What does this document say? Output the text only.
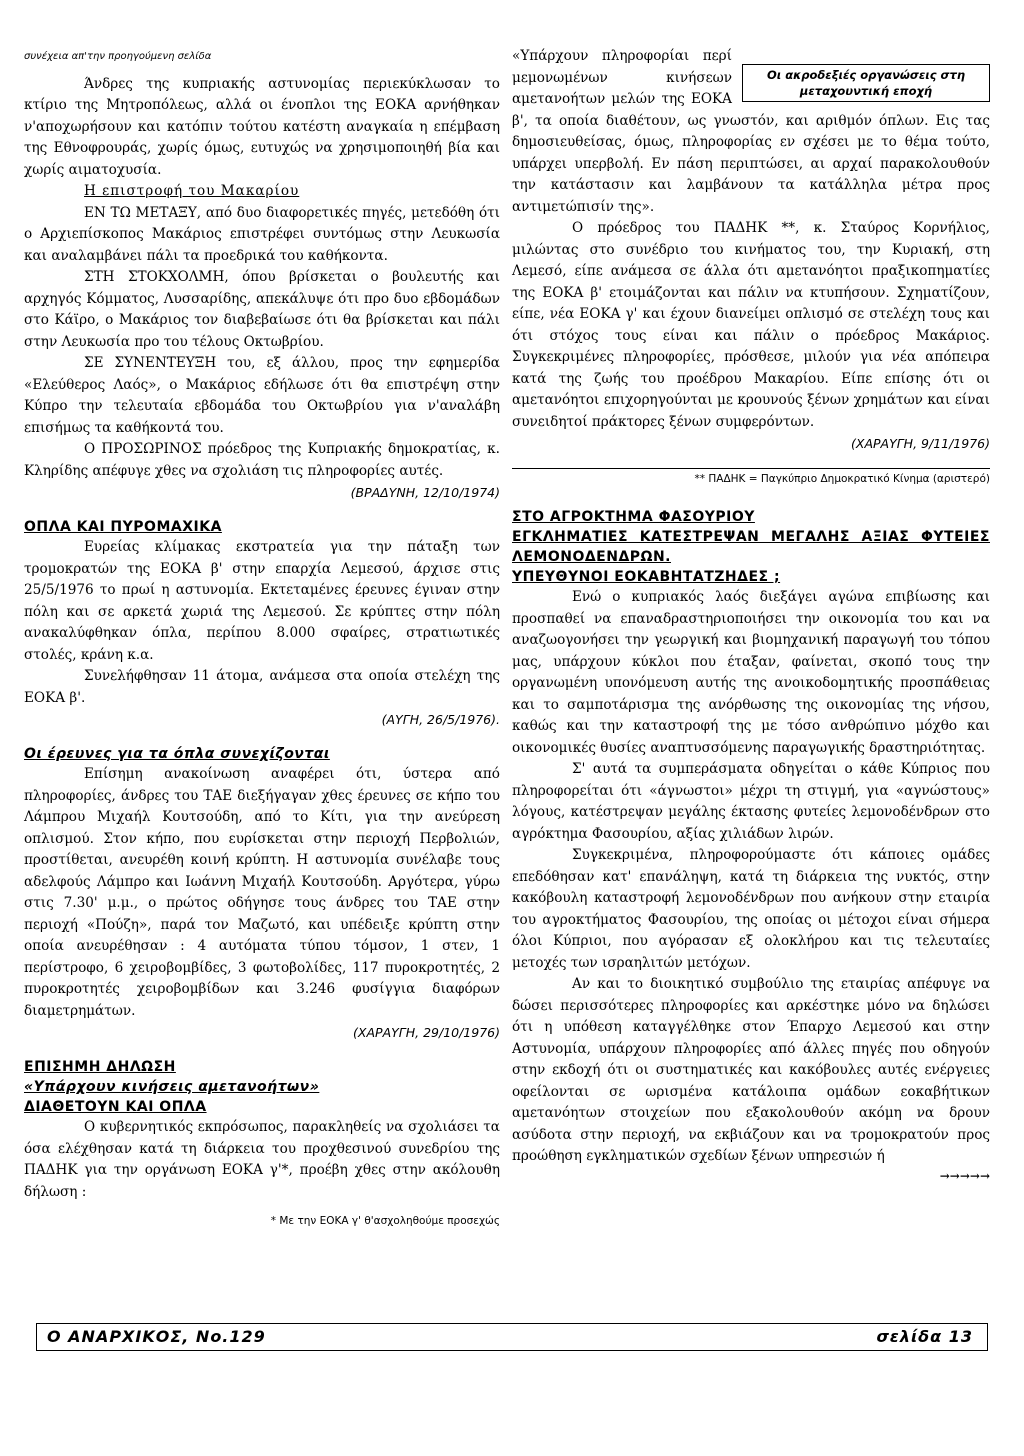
συνέχεια απ'την προηγούμενη σελίδα

Άνδρες της κυπριακής αστυνομίας περιεκύκλωσαν το κτίριο της Μητροπόλεως, αλλά οι ένοπλοι της ΕΟΚΑ αρνήθηκαν ν'αποχωρήσουν και κατόπιν τούτου κατέστη αναγκαία η επέμβαση της Εθνοφρουράς, χωρίς όμως, ευτυχώς να χρησιμοποιηθή βία και χωρίς αιματοχυσία.

Η επιστροφή του Μακαρίου

ΕΝ ΤΩ ΜΕΤΑΞΥ, από δυο διαφορετικές πηγές, μετεδόθη ότι ο Αρχιεπίσκοπος Μακάριος επιστρέφει συντόμως στην Λευκωσία και αναλαμβάνει πάλι τα προεδρικά του καθήκοντα.

ΣΤΗ ΣΤΟΚΧΟΛΜΗ, όπου βρίσκεται ο βουλευτής και αρχηγός Κόμματος, Λυσσαρίδης, απεκάλυψε ότι προ δυο εβδομάδων στο Κάϊρο, ο Μακάριος τον διαβεβαίωσε ότι θα βρίσκεται και πάλι στην Λευκωσία προ του τέλους Οκτωβρίου.

ΣΕ ΣΥΝΕΝΤΕΥΞΗ του, εξ άλλου, προς την εφημερίδα «Ελεύθερος Λαός», ο Μακάριος εδήλωσε ότι θα επιστρέψη στην Κύπρο την τελευταία εβδομάδα του Οκτωβρίου για ν'αναλάβη επισήμως τα καθήκοντά του.

Ο ΠΡΟΣΩΡΙΝΟΣ πρόεδρος της Κυπριακής δημοκρατίας, κ. Κληρίδης απέφυγε χθες να σχολιάση τις πληροφορίες αυτές.

(ΒΡΑΔΥΝΗ, 12/10/1974)

ΟΠΛΑ ΚΑΙ ΠΥΡΟΜΑΧΙΚΑ

Ευρείας κλίμακας εκστρατεία για την πάταξη των τρομοκρατών της ΕΟΚΑ β' στην επαρχία Λεμεσού, άρχισε στις 25/5/1976 το πρωί η αστυνομία. Εκτεταμένες έρευνες έγιναν στην πόλη και σε αρκετά χωριά της Λεμεσού. Σε κρύπτες στην πόλη ανακαλύφθηκαν όπλα, περίπου 8.000 σφαίρες, στρατιωτικές στολές, κράνη κ.α.

Συνελήφθησαν 11 άτομα, ανάμεσα στα οποία στελέχη της ΕΟΚΑ β'.

(ΑΥΓΗ, 26/5/1976).

Οι έρευνες για τα όπλα συνεχίζονται

Επίσημη ανακοίνωση αναφέρει ότι, ύστερα από πληροφορίες, άνδρες του ΤΑΕ διεξήγαγαν χθες έρευνες σε κήπο του Λάμπρου Μιχαήλ Κουτσούδη, από το Κίτι, για την ανεύρεση οπλισμού. Στον κήπο, που ευρίσκεται στην περιοχή Περβολιών, προστίθεται, ανευρέθη κοινή κρύπτη. Η αστυνομία συνέλαβε τους αδελφούς Λάμπρο και Ιωάννη Μιχαήλ Κουτσούδη. Αργότερα, γύρω στις 7.30' μ.μ., ο πρώτος οδήγησε τους άνδρες του ΤΑΕ στην περιοχή «Πούζη», παρά τον Μαζωτό, και υπέδειξε κρύπτη στην οποία ανευρέθησαν : 4 αυτόματα τύπου τόμσον, 1 στεν, 1 περίστροφο, 6 χειροβομβίδες, 3 φωτοβολίδες, 117 πυροκροτητές, 2 πυροκροτητές χειροβομβίδων και 3.246 φυσίγγια διαφόρων διαμετρημάτων.

(ΧΑΡΑΥΓΗ, 29/10/1976)

ΕΠΙΣΗΜΗ ΔΗΛΩΣΗ

«Υπάρχουν κινήσεις αμετανοήτων»

ΔΙΑΘΕΤΟΥΝ ΚΑΙ ΟΠΛΑ

Ο κυβερνητικός εκπρόσωπος, παρακληθείς να σχολιάσει τα όσα ελέχθησαν κατά τη διάρκεια του προχθεσινού συνεδρίου της ΠΑΔΗΚ για την οργάνωση ΕΟΚΑ γ'*, προέβη χθες στην ακόλουθη δήλωση :

* Με την ΕΟΚΑ γ' θ'ασχοληθούμε προσεχώς

Οι ακροδεξιές οργανώσεις στη μεταχουντική εποχή

«Υπάρχουν πληροφορίαι περί μεμονωμένων κινήσεων αμετανοήτων μελών της ΕΟΚΑ β', τα οποία διαθέτουν, ως γνωστόν, και αριθμόν όπλων. Εις τας δημοσιευθείσας, όμως, πληροφορίας εν σχέσει με το θέμα τούτο, υπάρχει υπερβολή. Εν πάση περιπτώσει, αι αρχαί παρακολουθούν την κατάστασιν και λαμβάνουν τα κατάλληλα μέτρα προς αντιμετώπισίν της».

Ο πρόεδρος του ΠΑΔΗΚ **, κ. Σταύρος Κορνήλιος, μιλώντας στο συνέδριο του κινήματος του, την Κυριακή, στη Λεμεσό, είπε ανάμεσα σε άλλα ότι αμετανόητοι πραξικοπηματίες της ΕΟΚΑ β' ετοιμάζονται και πάλιν να κτυπήσουν. Σχηματίζουν, είπε, νέα ΕΟΚΑ γ' και έχουν διανείμει οπλισμό σε στελέχη τους και ότι στόχος τους είναι και πάλιν ο πρόεδρος Μακάριος. Συγκεκριμένες πληροφορίες, πρόσθεσε, μιλούν για νέα απόπειρα κατά της ζωής του προέδρου Μακαρίου. Είπε επίσης ότι οι αμετανόητοι επιχορηγούνται με κρουνούς ξένων χρημάτων και είναι συνειδητοί πράκτορες ξένων συμφερόντων.

(ΧΑΡΑΥΓΗ, 9/11/1976)

** ΠΑΔΗΚ = Παγκύπριο Δημοκρατικό Κίνημα (αριστερό)

ΣΤΟ ΑΓΡΟΚΤΗΜΑ ΦΑΣΟΥΡΙΟΥ

ΕΓΚΛΗΜΑΤΙΕΣ ΚΑΤΕΣΤΡΕΨΑΝ ΜΕΓΑΛΗΣ ΑΞΙΑΣ ΦΥΤΕΙΕΣ ΛΕΜΟΝΟΔΕΝΔΡΩΝ.

ΥΠΕΥΘΥΝΟΙ ΕΟΚΑΒΗΤΑΤΖΗΔΕΣ ;

Ενώ ο κυπριακός λαός διεξάγει αγώνα επιβίωσης και προσπαθεί να επαναδραστηριοποιήσει την οικονομία του και να αναζωογονήσει την γεωργική και βιομηχανική παραγωγή του τόπου μας, υπάρχουν κύκλοι που έταξαν, φαίνεται, σκοπό τους την οργανωμένη υπονόμευση αυτής της ανοικοδομητικής προσπάθειας και το σαμποτάρισμα της ανόρθωσης της οικονομίας της νήσου, καθώς και την καταστροφή της με τόσο ανθρώπινο μόχθο και οικονομικές θυσίες αναπτυσσόμενης παραγωγικής δραστηριότητας.

Σ' αυτά τα συμπεράσματα οδηγείται ο κάθε Κύπριος που πληροφορείται ότι «άγνωστοι» μέχρι τη στιγμή, για «αγνώστους» λόγους, κατέστρεψαν μεγάλης έκτασης φυτείες λεμονοδένδρων στο αγρόκτημα Φασουρίου, αξίας χιλιάδων λιρών.

Συγκεκριμένα, πληροφορούμαστε ότι κάποιες ομάδες επεδόθησαν κατ' επανάληψη, κατά τη διάρκεια της νυκτός, στην κακόβουλη καταστροφή λεμονοδένδρων που ανήκουν στην εταιρία του αγροκτήματος Φασουρίου, της οποίας οι μέτοχοι είναι σήμερα όλοι Κύπριοι, που αγόρασαν εξ ολοκλήρου και τις τελευταίες μετοχές των ισραηλιτών μετόχων.

Αν και το διοικητικό συμβούλιο της εταιρίας απέφυγε να δώσει περισσότερες πληροφορίες και αρκέστηκε μόνο να δηλώσει ότι η υπόθεση καταγγέλθηκε στον Έπαρχο Λεμεσού και στην Αστυνομία, υπάρχουν πληροφορίες από άλλες πηγές που οδηγούν στην εκδοχή ότι οι συστηματικές και κακόβουλες αυτές ενέργειες οφείλονται σε ωρισμένα κατάλοιπα ομάδων εοκαβήτικων αμετανόητων στοιχείων που εξακολουθούν ακόμη να δρουν ασύδοτα στην περιοχή, να εκβιάζουν και να τρομοκρατούν προς προώθηση εγκληματικών σχεδίων ξένων υπηρεσιών ή

→→→→→
Ο ΑΝΑΡΧΙΚΟΣ, Νο.129	σελίδα 13
